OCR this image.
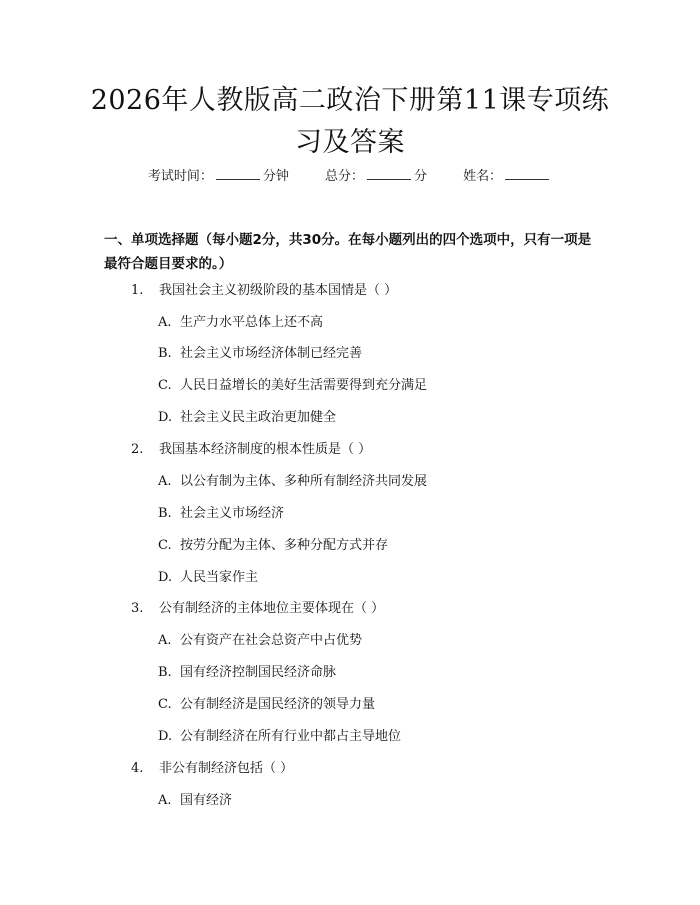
2026年人教版高二政治下册第11课专项练
习及答案
考试时间：	分钟	总分：	分	姓名：
一、单项选择题（每小题2分，共30分。在每小题列出的四个选项中，只有一项是最符合题目要求的。）
1. 我国社会主义初级阶段的基本国情是（ ）
A. 生产力水平总体上还不高
B. 社会主义市场经济体制已经完善
C. 人民日益增长的美好生活需要得到充分满足
D. 社会主义民主政治更加健全
2. 我国基本经济制度的根本性质是（ ）
A. 以公有制为主体、多种所有制经济共同发展
B. 社会主义市场经济
C. 按劳分配为主体、多种分配方式并存
D. 人民当家作主
3. 公有制经济的主体地位主要体现在（ ）
A. 公有资产在社会总资产中占优势
B. 国有经济控制国民经济命脉
C. 公有制经济是国民经济的领导力量
D. 公有制经济在所有行业中都占主导地位
4. 非公有制经济包括（ ）
A. 国有经济
